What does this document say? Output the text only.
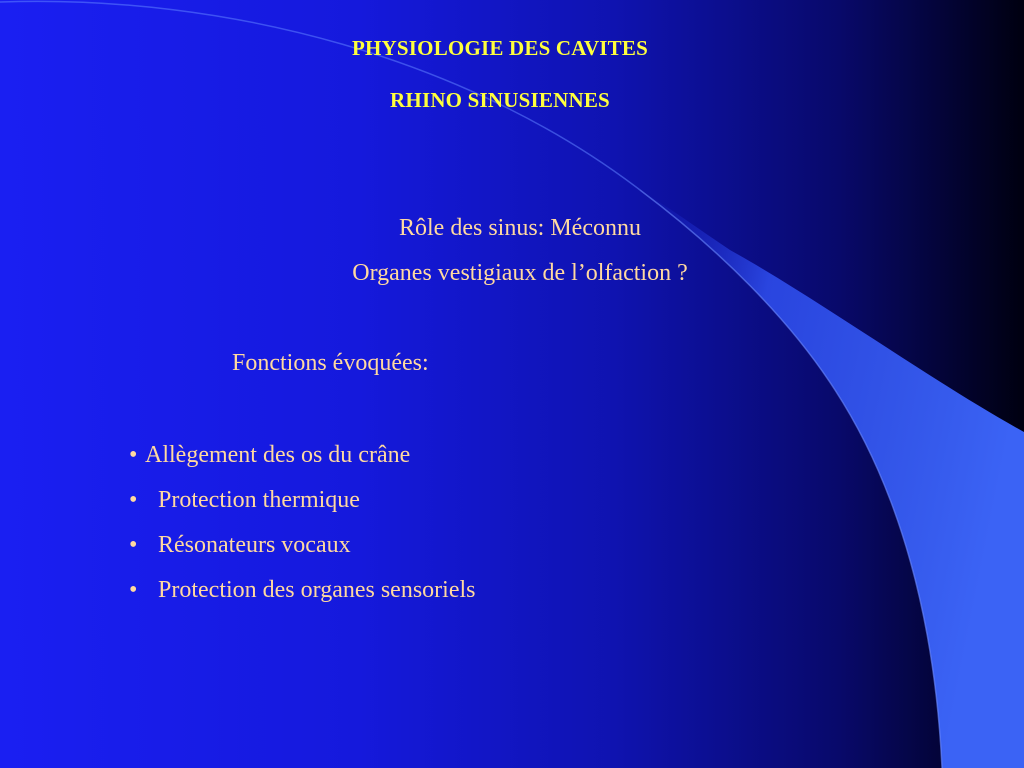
PHYSIOLOGIE DES CAVITES
RHINO SINUSIENNES
Rôle des sinus: Méconnu
Organes vestigiaux de l’olfaction ?
Fonctions évoquées:
• Allègement des os du crâne
• Protection thermique
• Résonateurs vocaux
• Protection des organes sensoriels
